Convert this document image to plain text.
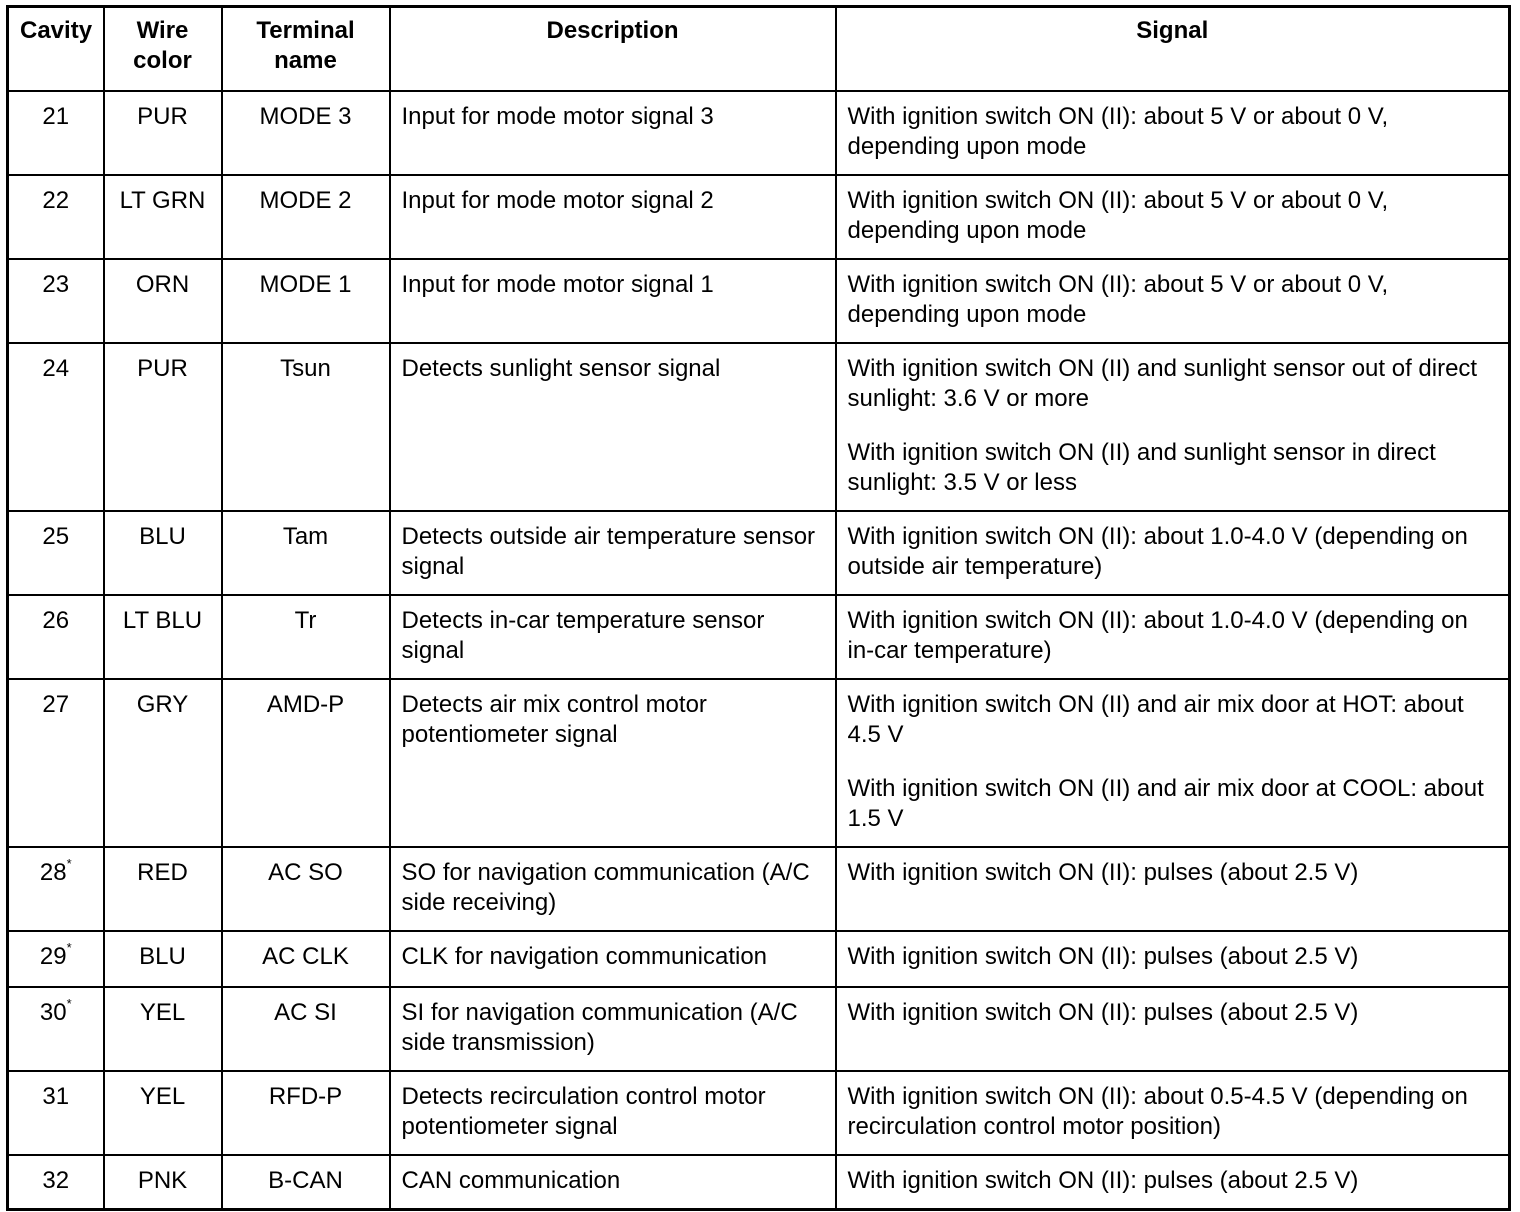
Cavity	Wire color	Terminal name	Description	Signal
21	PUR	MODE 3	Input for mode motor signal 3	With ignition switch ON (II): about 5 V or about 0 V, depending upon mode

22	LT GRN	MODE 2	Input for mode motor signal 2	With ignition switch ON (II): about 5 V or about 0 V, depending upon mode

23	ORN	MODE 1	Input for mode motor signal 1	With ignition switch ON (II): about 5 V or about 0 V, depending upon mode

24	PUR	Tsun	Detects sunlight sensor signal	With ignition switch ON (II) and sunlight sensor out of direct sunlight: 3.6 V or more
With ignition switch ON (II) and sunlight sensor in direct sunlight: 3.5 V or less

25	BLU	Tam	Detects outside air temperature sensor signal	With ignition switch ON (II): about 1.0-4.0 V (depending on outside air temperature)

26	LT BLU	Tr	Detects in-car temperature sensor signal	With ignition switch ON (II): about 1.0-4.0 V (depending on in-car temperature)

27	GRY	AMD-P	Detects air mix control motor potentiometer signal	With ignition switch ON (II) and air mix door at HOT: about 4.5 V
With ignition switch ON (II) and air mix door at COOL: about 1.5 V

28*	RED	AC SO	SO for navigation communication (A/C side receiving)	With ignition switch ON (II): pulses (about 2.5 V)

29*	BLU	AC CLK	CLK for navigation communication	With ignition switch ON (II): pulses (about 2.5 V)

30*	YEL	AC SI	SI for navigation communication (A/C side transmission)	With ignition switch ON (II): pulses (about 2.5 V)

31	YEL	RFD-P	Detects recirculation control motor potentiometer signal	With ignition switch ON (II): about 0.5-4.5 V (depending on recirculation control motor position)

32	PNK	B-CAN	CAN communication	With ignition switch ON (II): pulses (about 2.5 V)
